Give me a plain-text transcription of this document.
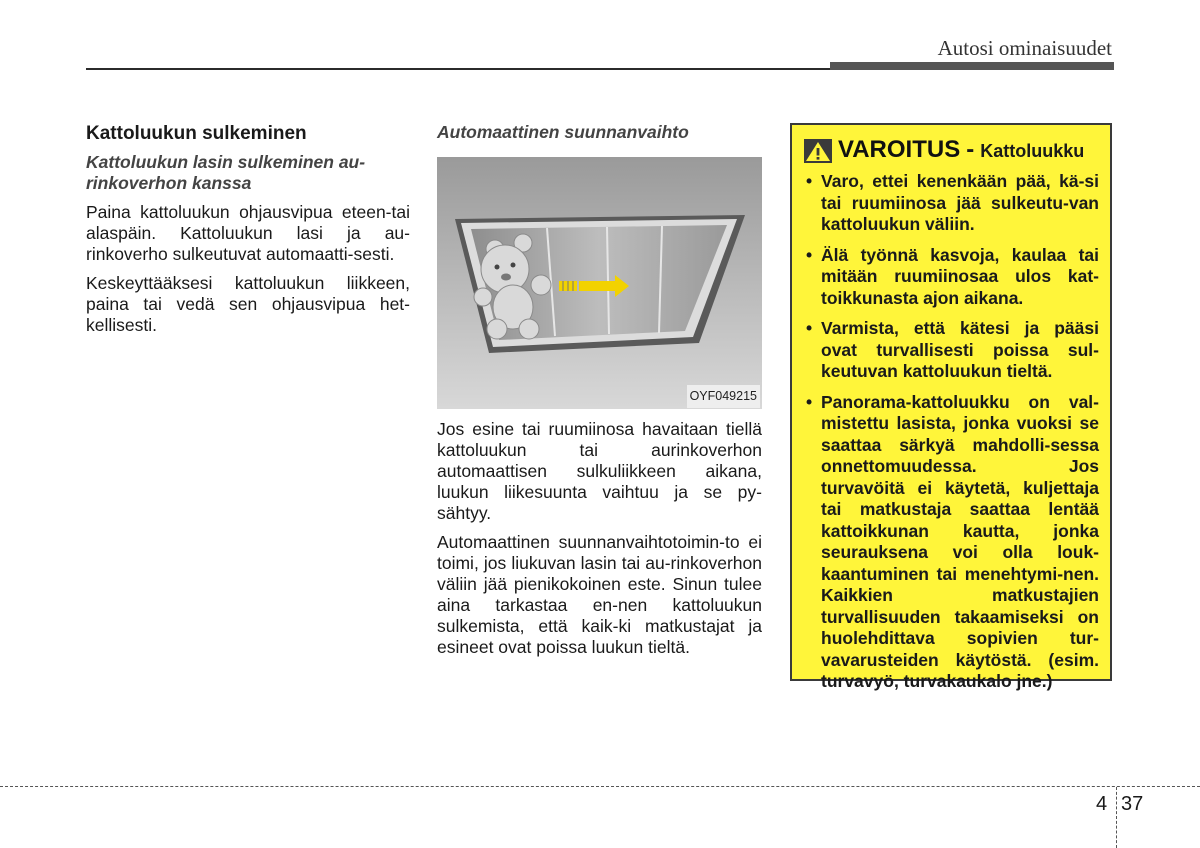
Autosi ominaisuudet
Kattoluukun sulkeminen
Kattoluukun lasin sulkeminen au-rinkoverhon kanssa

Paina kattoluukun ohjausvipua eteen-tai alaspäin. Kattoluukun lasi ja au-rinkoverho sulkeutuvat automaatti-sesti.

Keskeyttääksesi kattoluukun liikkeen, paina tai vedä sen ohjausvipua het-kellisesti.

Automaattinen suunnanvaihto
OYF049215

Jos esine tai ruumiinosa havaitaan tiellä kattoluukun tai aurinkoverhon automaattisen sulkuliikkeen aikana, luukun liikesuunta vaihtuu ja se py-sähtyy.

Automaattinen suunnanvaihtotoimin-to ei toimi, jos liukuvan lasin tai au-rinkoverhon väliin jää pienikokoinen este. Sinun tulee aina tarkastaa en-nen kattoluukun sulkemista, että kaik-ki matkustajat ja esineet ovat poissa luukun tieltä.

VAROITUS - Kattoluukku
• Varo, ettei kenenkään pää, kä-si tai ruumiinosa jää sulkeutu-van kattoluukun väliin.
• Älä työnnä kasvoja, kaulaa tai mitään ruumiinosaa ulos kat-toikkunasta ajon aikana.
• Varmista, että kätesi ja pääsi ovat turvallisesti poissa sul-keutuvan kattoluukun tieltä.
• Panorama-kattoluukku on val-mistettu lasista, jonka vuoksi se saattaa särkyä mahdolli-sessa onnettomuudessa. Jos turvavöitä ei käytetä, kuljettaja tai matkustaja saattaa lentää kattoikkunan kautta, jonka seurauksena voi olla louk-kaantuminen tai menehtymi-nen. Kaikkien matkustajien turvallisuuden takaamiseksi on huolehdittava sopivien tur-vavarusteiden käytöstä. (esim. turvavyö, turvakaukalo jne.)
4 37
